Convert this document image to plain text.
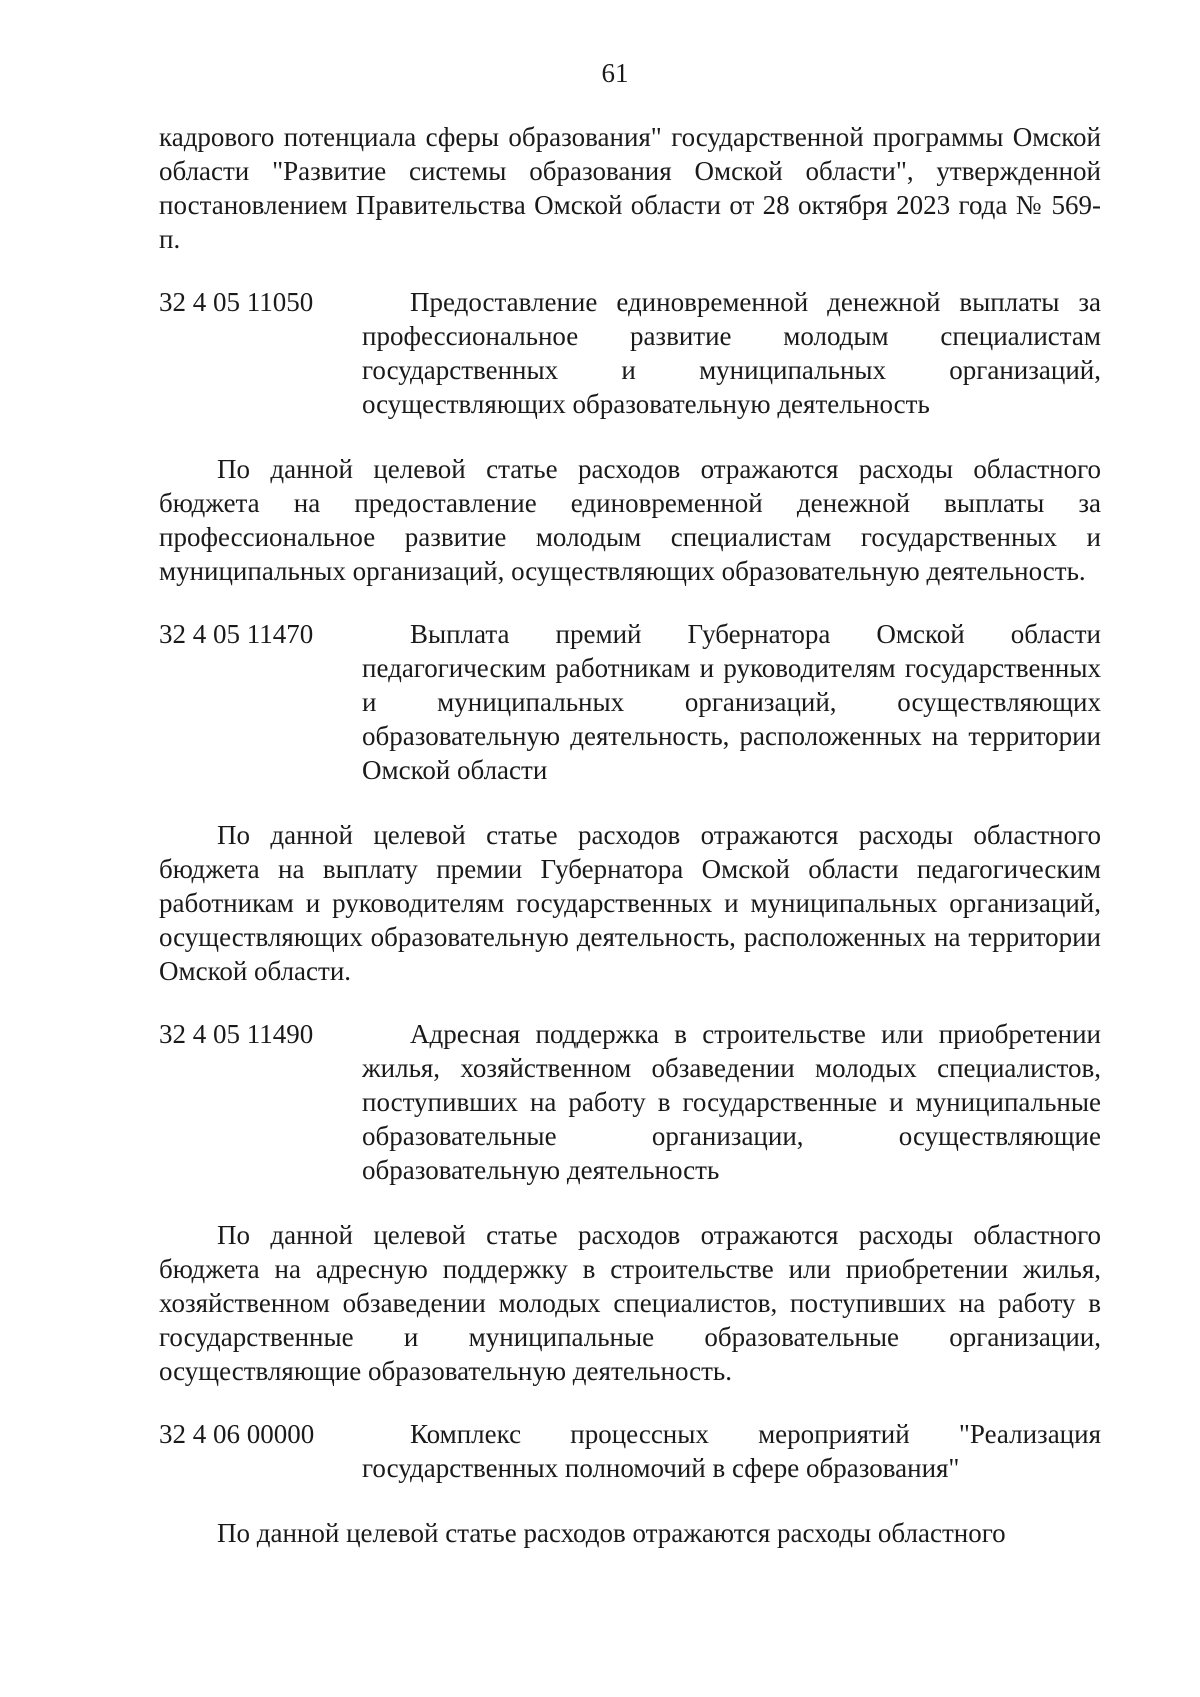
61

кадрового потенциала сферы образования" государственной программы Омской области "Развитие системы образования Омской области", утвержденной постановлением Правительства Омской области от 28 октября 2023 года № 569-п.

32 4 05 11050	Предоставление единовременной денежной выплаты за профессиональное развитие молодым специалистам государственных и муниципальных организаций, осуществляющих образовательную деятельность

По данной целевой статье расходов отражаются расходы областного бюджета на предоставление единовременной денежной выплаты за профессиональное развитие молодым специалистам государственных и муниципальных организаций, осуществляющих образовательную деятельность.

32 4 05 11470	Выплата премий Губернатора Омской области педагогическим работникам и руководителям государственных и муниципальных организаций, осуществляющих образовательную деятельность, расположенных на территории Омской области

По данной целевой статье расходов отражаются расходы областного бюджета на выплату премии Губернатора Омской области педагогическим работникам и руководителям государственных и муниципальных организаций, осуществляющих образовательную деятельность, расположенных на территории Омской области.

32 4 05 11490	Адресная поддержка в строительстве или приобретении жилья, хозяйственном обзаведении молодых специалистов, поступивших на работу в государственные и муниципальные образовательные организации, осуществляющие образовательную деятельность

По данной целевой статье расходов отражаются расходы областного бюджета на адресную поддержку в строительстве или приобретении жилья, хозяйственном обзаведении молодых специалистов, поступивших на работу в государственные и муниципальные образовательные организации, осуществляющие образовательную деятельность.

32 4 06 00000	Комплекс процессных мероприятий "Реализация государственных полномочий в сфере образования"

По данной целевой статье расходов отражаются расходы областного
